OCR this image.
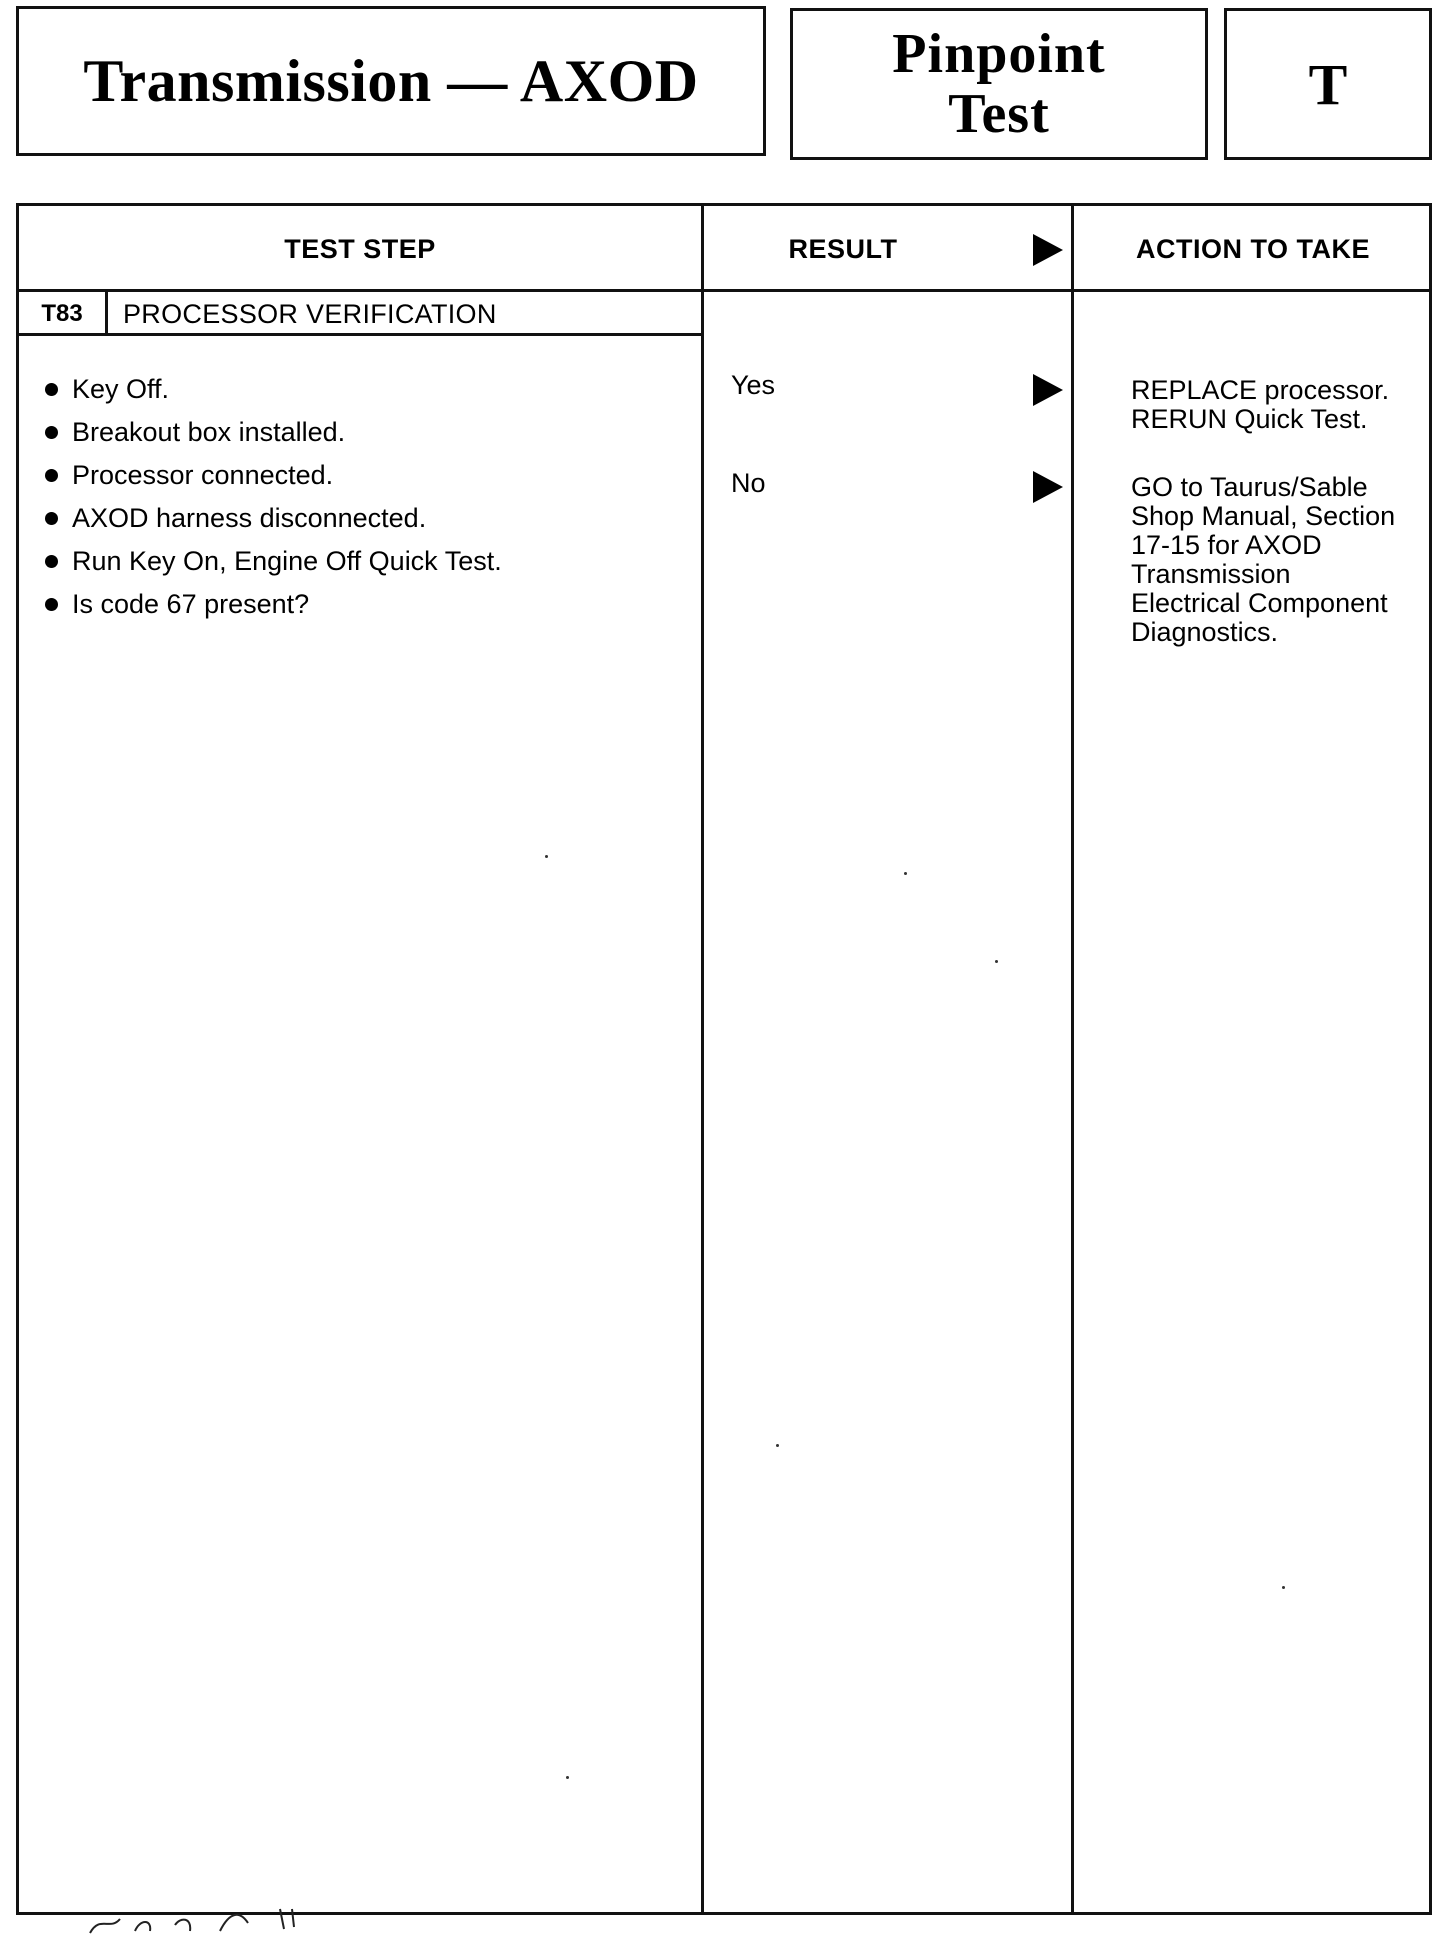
Transmission — AXOD	Pinpoint
Test	T
TEST STEP	RESULT	ACTION TO TAKE
T83	PROCESSOR VERIFICATION
Key Off.
Breakout box installed.
Processor connected.
AXOD harness disconnected.
Run Key On, Engine Off Quick Test.
Is code 67 present?
Yes	REPLACE processor.
RERUN Quick Test.
No	GO to Taurus/Sable
Shop Manual, Section
17-15 for AXOD
Transmission
Electrical Component
Diagnostics.
